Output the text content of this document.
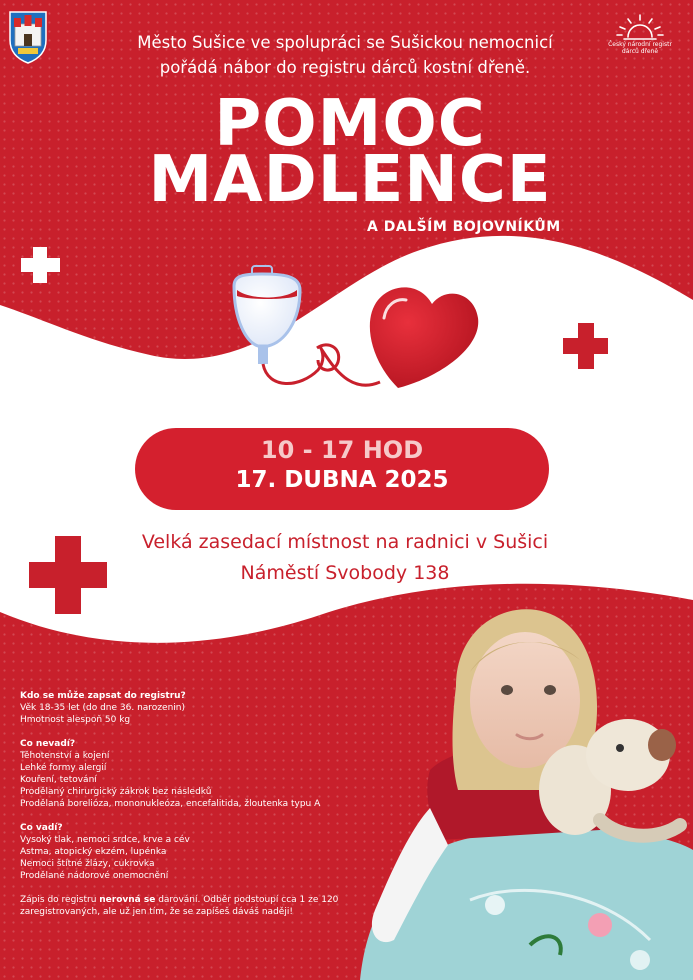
Město Sušice ve spolupráci se Sušickou nemocnicí
pořádá nábor do registru dárců kostní dřeně.
Český národní registr
dárců dřeně
POMOC
MADLENCE
A DALŠÍM BOJOVNÍKŮM
10 - 17 HOD
17. DUBNA 2025
Velká zasedací místnost na radnici v Sušici
Náměstí Svobody 138
Kdo se může zapsat do registru?
Věk 18-35 let (do dne 36. narozenin)
Hmotnost alespoň 50 kg
Co nevadí?
Těhotenství a kojení
Lehké formy alergií
Kouření, tetování
Prodělaný chirurgický zákrok bez následků
Prodělaná borelióza, mononukleóza, encefalitida, žloutenka typu A
Co vadí?
Vysoký tlak, nemoci srdce, krve a cév
Astma, atopický ekzém, lupénka
Nemoci štítné žlázy, cukrovka
Prodělané nádorové onemocnění
Zápis do registru nerovná se darování. Odběr podstoupí cca 1 ze 120 zaregistrovaných, ale už jen tím, že se zapíšeš dáváš naději!
